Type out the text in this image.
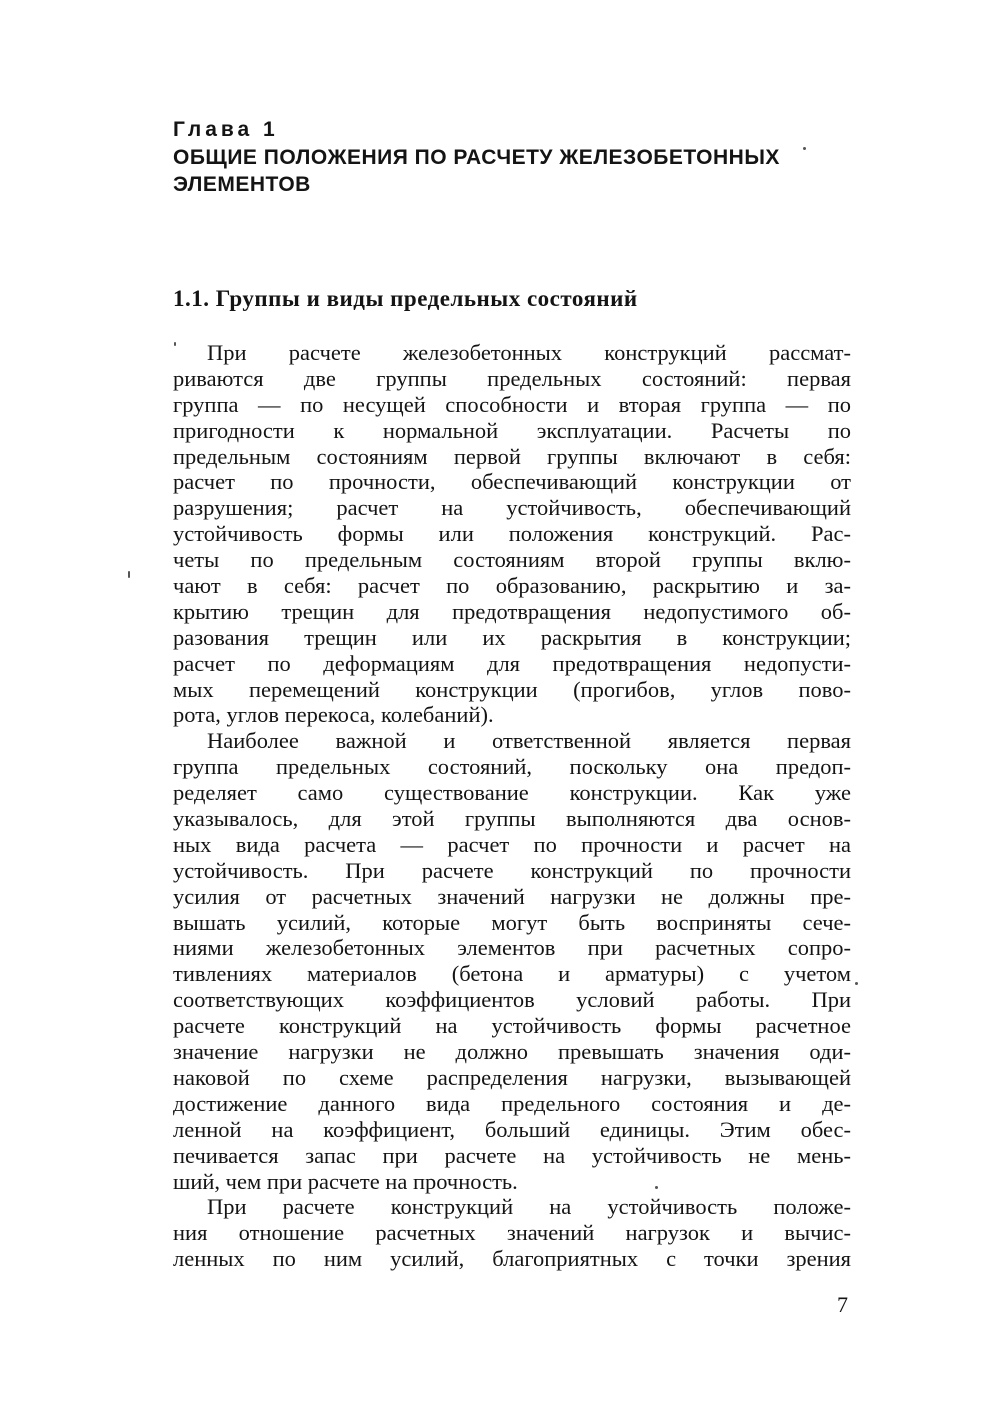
Глава 1
ОБЩИЕ ПОЛОЖЕНИЯ ПО РАСЧЕТУ ЖЕЛЕЗОБЕТОННЫХ
ЭЛЕМЕНТОВ
1.1. Группы и виды предельных состояний
При расчете железобетонных конструкций рассмат-
риваются две группы предельных состояний: первая
группа — по несущей способности и вторая группа — по
пригодности к нормальной эксплуатации. Расчеты по
предельным состояниям первой группы включают в себя:
расчет по прочности, обеспечивающий конструкции от
разрушения; расчет на устойчивость, обеспечивающий
устойчивость формы или положения конструкций. Рас-
четы по предельным состояниям второй группы вклю-
чают в себя: расчет по образованию, раскрытию и за-
крытию трещин для предотвращения недопустимого об-
разования трещин или их раскрытия в конструкции;
расчет по деформациям для предотвращения недопусти-
мых перемещений конструкции (прогибов, углов пово-
рота, углов перекоса, колебаний).
Наиболее важной и ответственной является первая
группа предельных состояний, поскольку она предоп-
ределяет само существование конструкции. Как уже
указывалось, для этой группы выполняются два основ-
ных вида расчета — расчет по прочности и расчет на
устойчивость. При расчете конструкций по прочности
усилия от расчетных значений нагрузки не должны пре-
вышать усилий, которые могут быть восприняты сече-
ниями железобетонных элементов при расчетных сопро-
тивлениях материалов (бетона и арматуры) с учетом
соответствующих коэффициентов условий работы. При
расчете конструкций на устойчивость формы расчетное
значение нагрузки не должно превышать значения оди-
наковой по схеме распределения нагрузки, вызывающей
достижение данного вида предельного состояния и де-
ленной на коэффициент, больший единицы. Этим обес-
печивается запас при расчете на устойчивость не мень-
ший, чем при расчете на прочность.
При расчете конструкций на устойчивость положе-
ния отношение расчетных значений нагрузок и вычис-
ленных по ним усилий, благоприятных с точки зрения
7
